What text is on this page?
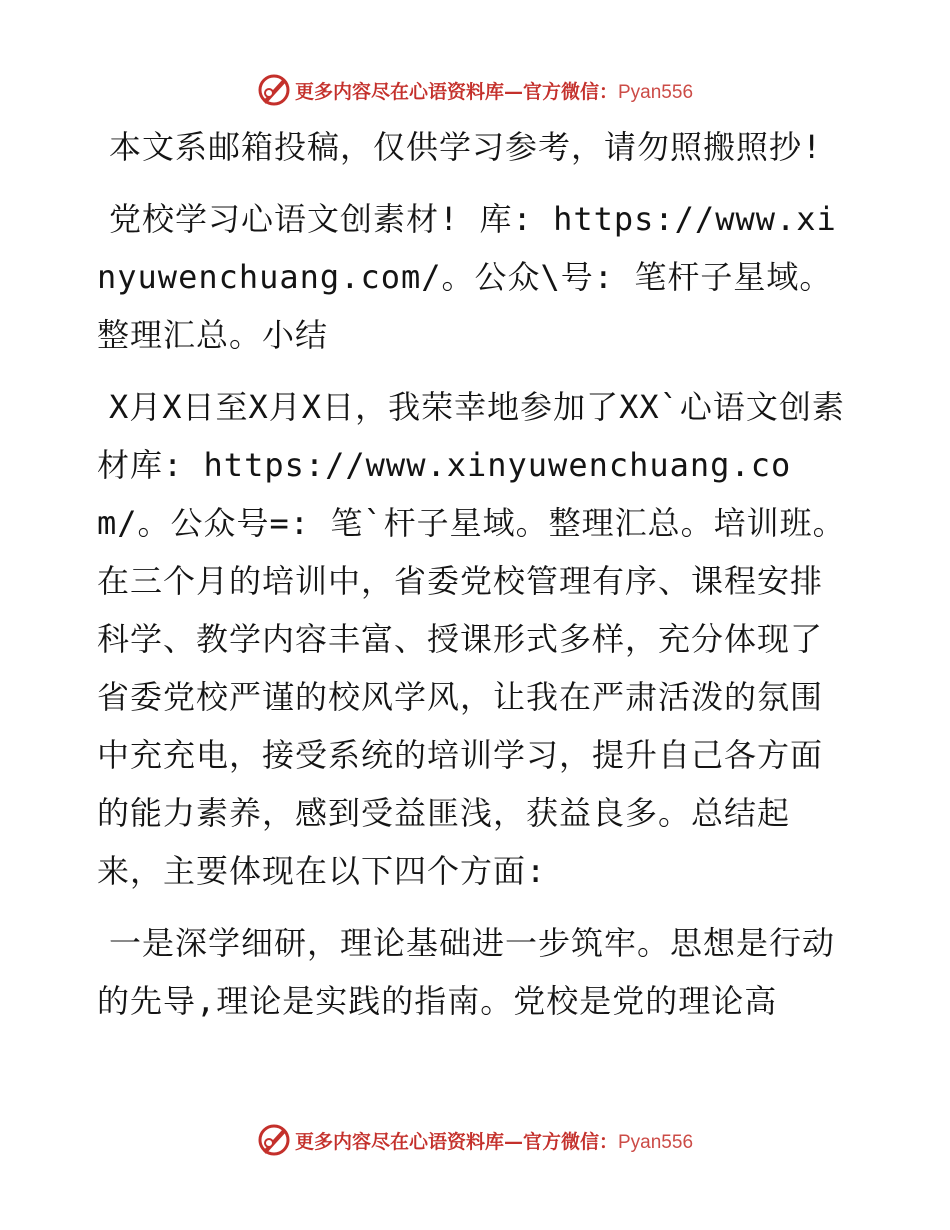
更多内容尽在心语资料库—官方微信：Pyan556

本文系邮箱投稿，仅供学习参考，请勿照搬照抄!

党校学习心语文创素材! 库: https://www.xinyuwenchuang.com/。公众\号: 笔杆子星域。整理汇总。小结

X月X日至X月X日，我荣幸地参加了XX`心语文创素材库: https://www.xinyuwenchuang.com/。公众号=: 笔`杆子星域。整理汇总。培训班。在三个月的培训中，省委党校管理有序、课程安排科学、教学内容丰富、授课形式多样，充分体现了省委党校严谨的校风学风，让我在严肃活泼的氛围中充充电，接受系统的培训学习，提升自己各方面的能力素养，感到受益匪浅，获益良多。总结起来，主要体现在以下四个方面:

一是深学细研，理论基础进一步筑牢。思想是行动的先导,理论是实践的指南。党校是党的理论高

更多内容尽在心语资料库—官方微信：Pyan556
